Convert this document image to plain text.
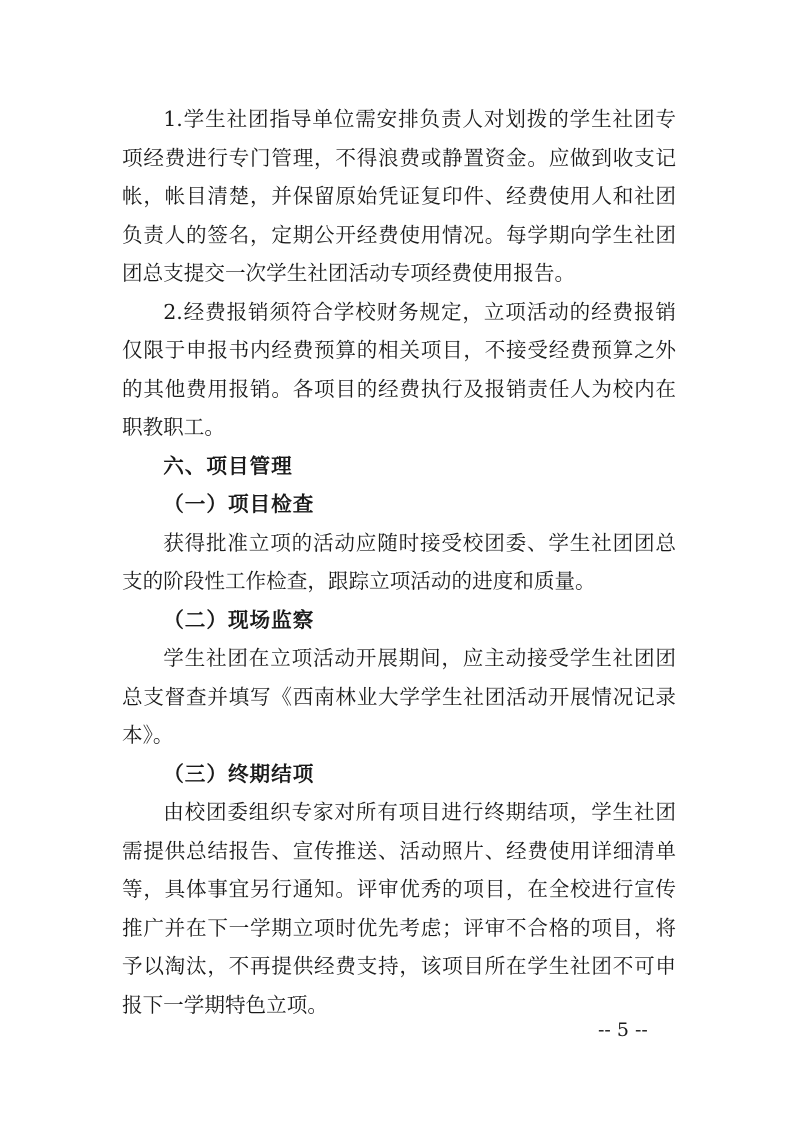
1.学生社团指导单位需安排负责人对划拨的学生社团专项经费进行专门管理，不得浪费或静置资金。应做到收支记帐，帐目清楚，并保留原始凭证复印件、经费使用人和社团负责人的签名，定期公开经费使用情况。每学期向学生社团团总支提交一次学生社团活动专项经费使用报告。

2.经费报销须符合学校财务规定，立项活动的经费报销仅限于申报书内经费预算的相关项目，不接受经费预算之外的其他费用报销。各项目的经费执行及报销责任人为校内在职教职工。

六、项目管理

（一）项目检查

获得批准立项的活动应随时接受校团委、学生社团团总支的阶段性工作检查，跟踪立项活动的进度和质量。

（二）现场监察

学生社团在立项活动开展期间，应主动接受学生社团团总支督查并填写《西南林业大学学生社团活动开展情况记录本》。

（三）终期结项

由校团委组织专家对所有项目进行终期结项，学生社团需提供总结报告、宣传推送、活动照片、经费使用详细清单等，具体事宜另行通知。评审优秀的项目，在全校进行宣传推广并在下一学期立项时优先考虑；评审不合格的项目，将予以淘汰，不再提供经费支持，该项目所在学生社团不可申报下一学期特色立项。

-- 5 --
